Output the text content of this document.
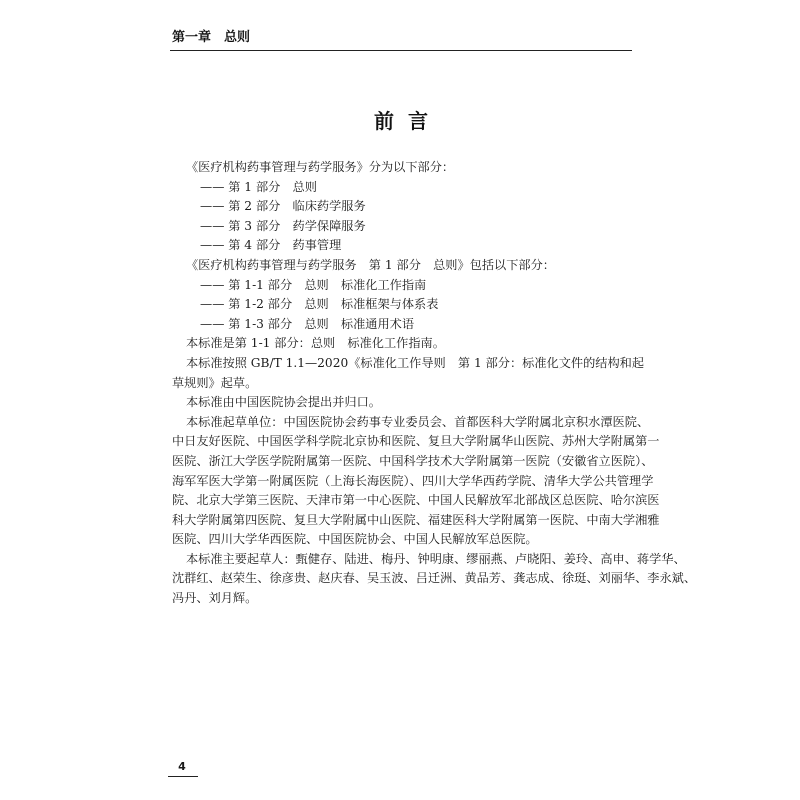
第一章　总则
前言
《医疗机构药事管理与药学服务》分为以下部分：
—— 第 1 部分　总则
—— 第 2 部分　临床药学服务
—— 第 3 部分　药学保障服务
—— 第 4 部分　药事管理
《医疗机构药事管理与药学服务　第 1 部分　总则》包括以下部分：
—— 第 1-1 部分　总则　标准化工作指南
—— 第 1-2 部分　总则　标准框架与体系表
—— 第 1-3 部分　总则　标准通用术语
本标准是第 1-1 部分：总则　标准化工作指南。
本标准按照 GB/T 1.1—2020《标准化工作导则　第 1 部分：标准化文件的结构和起
草规则》起草。
本标准由中国医院协会提出并归口。
本标准起草单位：中国医院协会药事专业委员会、首都医科大学附属北京积水潭医院、
中日友好医院、中国医学科学院北京协和医院、复旦大学附属华山医院、苏州大学附属第一
医院、浙江大学医学院附属第一医院、中国科学技术大学附属第一医院（安徽省立医院）、
海军军医大学第一附属医院（上海长海医院）、四川大学华西药学院、清华大学公共管理学
院、北京大学第三医院、天津市第一中心医院、中国人民解放军北部战区总医院、哈尔滨医
科大学附属第四医院、复旦大学附属中山医院、福建医科大学附属第一医院、中南大学湘雅
医院、四川大学华西医院、中国医院协会、中国人民解放军总医院。
本标准主要起草人：甄健存、陆进、梅丹、钟明康、缪丽燕、卢晓阳、姜玲、高申、蒋学华、
沈群红、赵荣生、徐彦贵、赵庆春、吴玉波、吕迁洲、黄品芳、龚志成、徐珽、刘丽华、李永斌、
冯丹、刘月辉。
4
